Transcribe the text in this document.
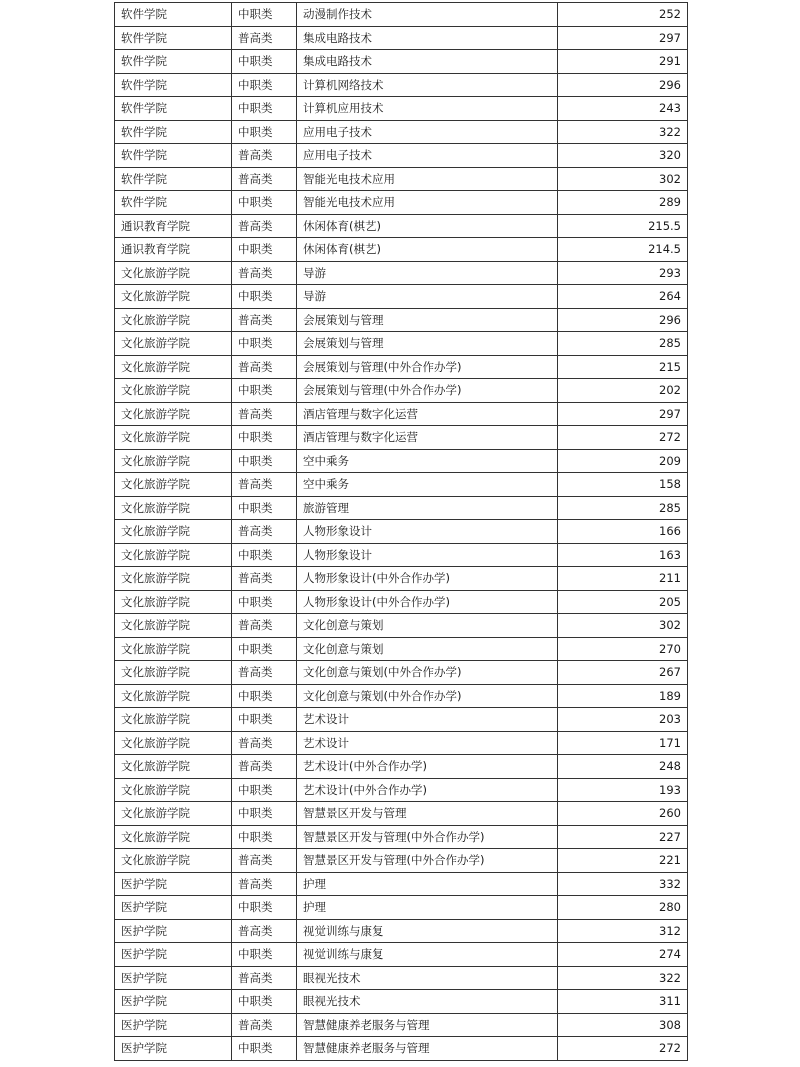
软件学院	中职类	动漫制作技术	252
软件学院	普高类	集成电路技术	297
软件学院	中职类	集成电路技术	291
软件学院	中职类	计算机网络技术	296
软件学院	中职类	计算机应用技术	243
软件学院	中职类	应用电子技术	322
软件学院	普高类	应用电子技术	320
软件学院	普高类	智能光电技术应用	302
软件学院	中职类	智能光电技术应用	289
通识教育学院	普高类	休闲体育(棋艺)	215.5
通识教育学院	中职类	休闲体育(棋艺)	214.5
文化旅游学院	普高类	导游	293
文化旅游学院	中职类	导游	264
文化旅游学院	普高类	会展策划与管理	296
文化旅游学院	中职类	会展策划与管理	285
文化旅游学院	普高类	会展策划与管理(中外合作办学)	215
文化旅游学院	中职类	会展策划与管理(中外合作办学)	202
文化旅游学院	普高类	酒店管理与数字化运营	297
文化旅游学院	中职类	酒店管理与数字化运营	272
文化旅游学院	中职类	空中乘务	209
文化旅游学院	普高类	空中乘务	158
文化旅游学院	中职类	旅游管理	285
文化旅游学院	普高类	人物形象设计	166
文化旅游学院	中职类	人物形象设计	163
文化旅游学院	普高类	人物形象设计(中外合作办学)	211
文化旅游学院	中职类	人物形象设计(中外合作办学)	205
文化旅游学院	普高类	文化创意与策划	302
文化旅游学院	中职类	文化创意与策划	270
文化旅游学院	普高类	文化创意与策划(中外合作办学)	267
文化旅游学院	中职类	文化创意与策划(中外合作办学)	189
文化旅游学院	中职类	艺术设计	203
文化旅游学院	普高类	艺术设计	171
文化旅游学院	普高类	艺术设计(中外合作办学)	248
文化旅游学院	中职类	艺术设计(中外合作办学)	193
文化旅游学院	中职类	智慧景区开发与管理	260
文化旅游学院	中职类	智慧景区开发与管理(中外合作办学)	227
文化旅游学院	普高类	智慧景区开发与管理(中外合作办学)	221
医护学院	普高类	护理	332
医护学院	中职类	护理	280
医护学院	普高类	视觉训练与康复	312
医护学院	中职类	视觉训练与康复	274
医护学院	普高类	眼视光技术	322
医护学院	中职类	眼视光技术	311
医护学院	普高类	智慧健康养老服务与管理	308
医护学院	中职类	智慧健康养老服务与管理	272
